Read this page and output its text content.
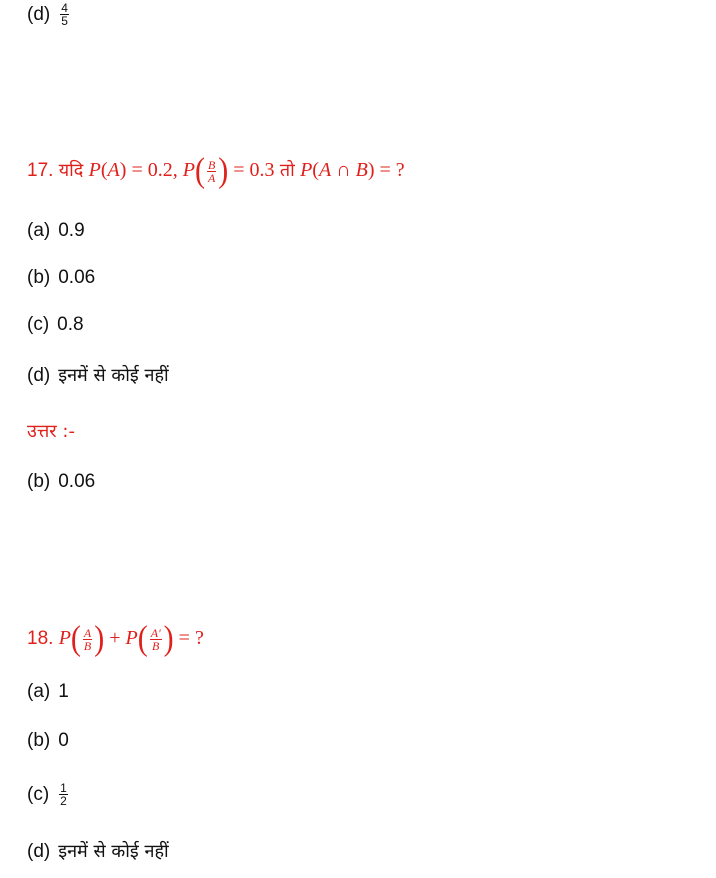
$(d) \frac{4}{5}$
17. यदि P(A) = 0.2, $P( \frac{B}{A}$ ) = 0.3 तो P(A ∩ B) = ?
(a) 0.9
(b) 0.06
(c) 0.8
(d) इनमें से कोई नहीं
उत्तर :-
(b) 0.06
18. $P( \frac{A}{B}$ ) + $P( \frac{A'}{B}$ ) = ?
(a) 1
(b) 0
$(c) \frac{1}{2}$
(d) इनमें से कोई नहीं
